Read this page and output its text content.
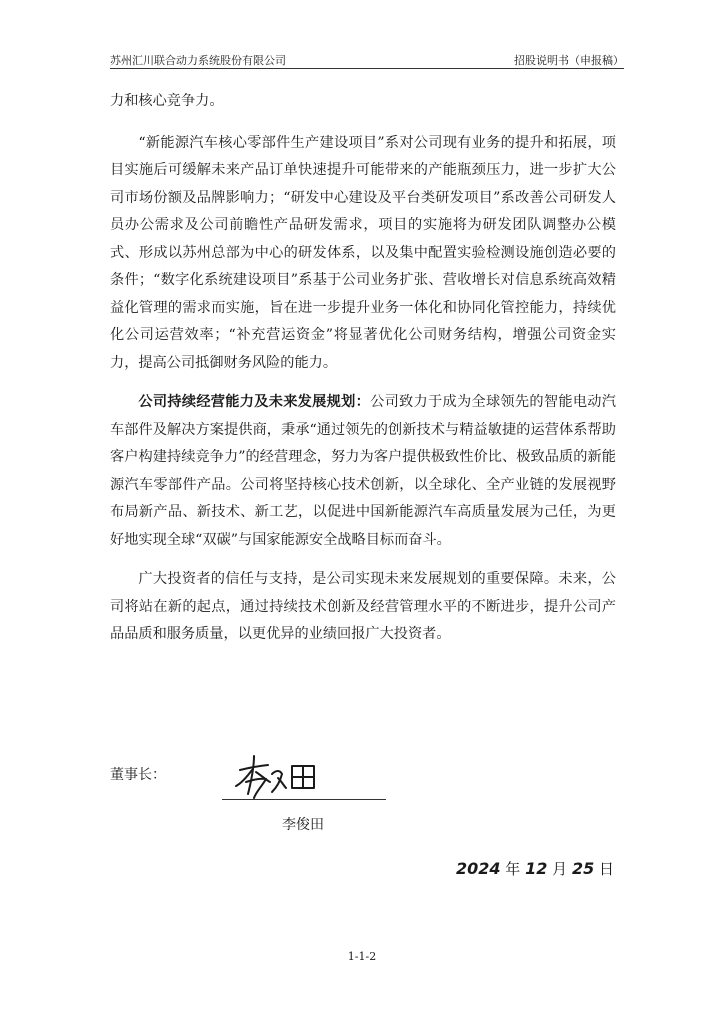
苏州汇川联合动力系统股份有限公司	招股说明书（申报稿）

力和核心竞争力。

“新能源汽车核心零部件生产建设项目”系对公司现有业务的提升和拓展，项目实施后可缓解未来产品订单快速提升可能带来的产能瓶颈压力，进一步扩大公司市场份额及品牌影响力；“研发中心建设及平台类研发项目”系改善公司研发人员办公需求及公司前瞻性产品研发需求，项目的实施将为研发团队调整办公模式、形成以苏州总部为中心的研发体系，以及集中配置实验检测设施创造必要的条件；“数字化系统建设项目”系基于公司业务扩张、营收增长对信息系统高效精益化管理的需求而实施，旨在进一步提升业务一体化和协同化管控能力，持续优化公司运营效率；“补充营运资金”将显著优化公司财务结构，增强公司资金实力，提高公司抵御财务风险的能力。

公司持续经营能力及未来发展规划：公司致力于成为全球领先的智能电动汽车部件及解决方案提供商，秉承“通过领先的创新技术与精益敏捷的运营体系帮助客户构建持续竞争力”的经营理念，努力为客户提供极致性价比、极致品质的新能源汽车零部件产品。公司将坚持核心技术创新，以全球化、全产业链的发展视野布局新产品、新技术、新工艺，以促进中国新能源汽车高质量发展为己任，为更好地实现全球“双碳”与国家能源安全战略目标而奋斗。

广大投资者的信任与支持，是公司实现未来发展规划的重要保障。未来，公司将站在新的起点，通过持续技术创新及经营管理水平的不断进步，提升公司产品品质和服务质量，以更优异的业绩回报广大投资者。

董事长：
李俊田
2024 年 12 月 25 日
1-1-2
